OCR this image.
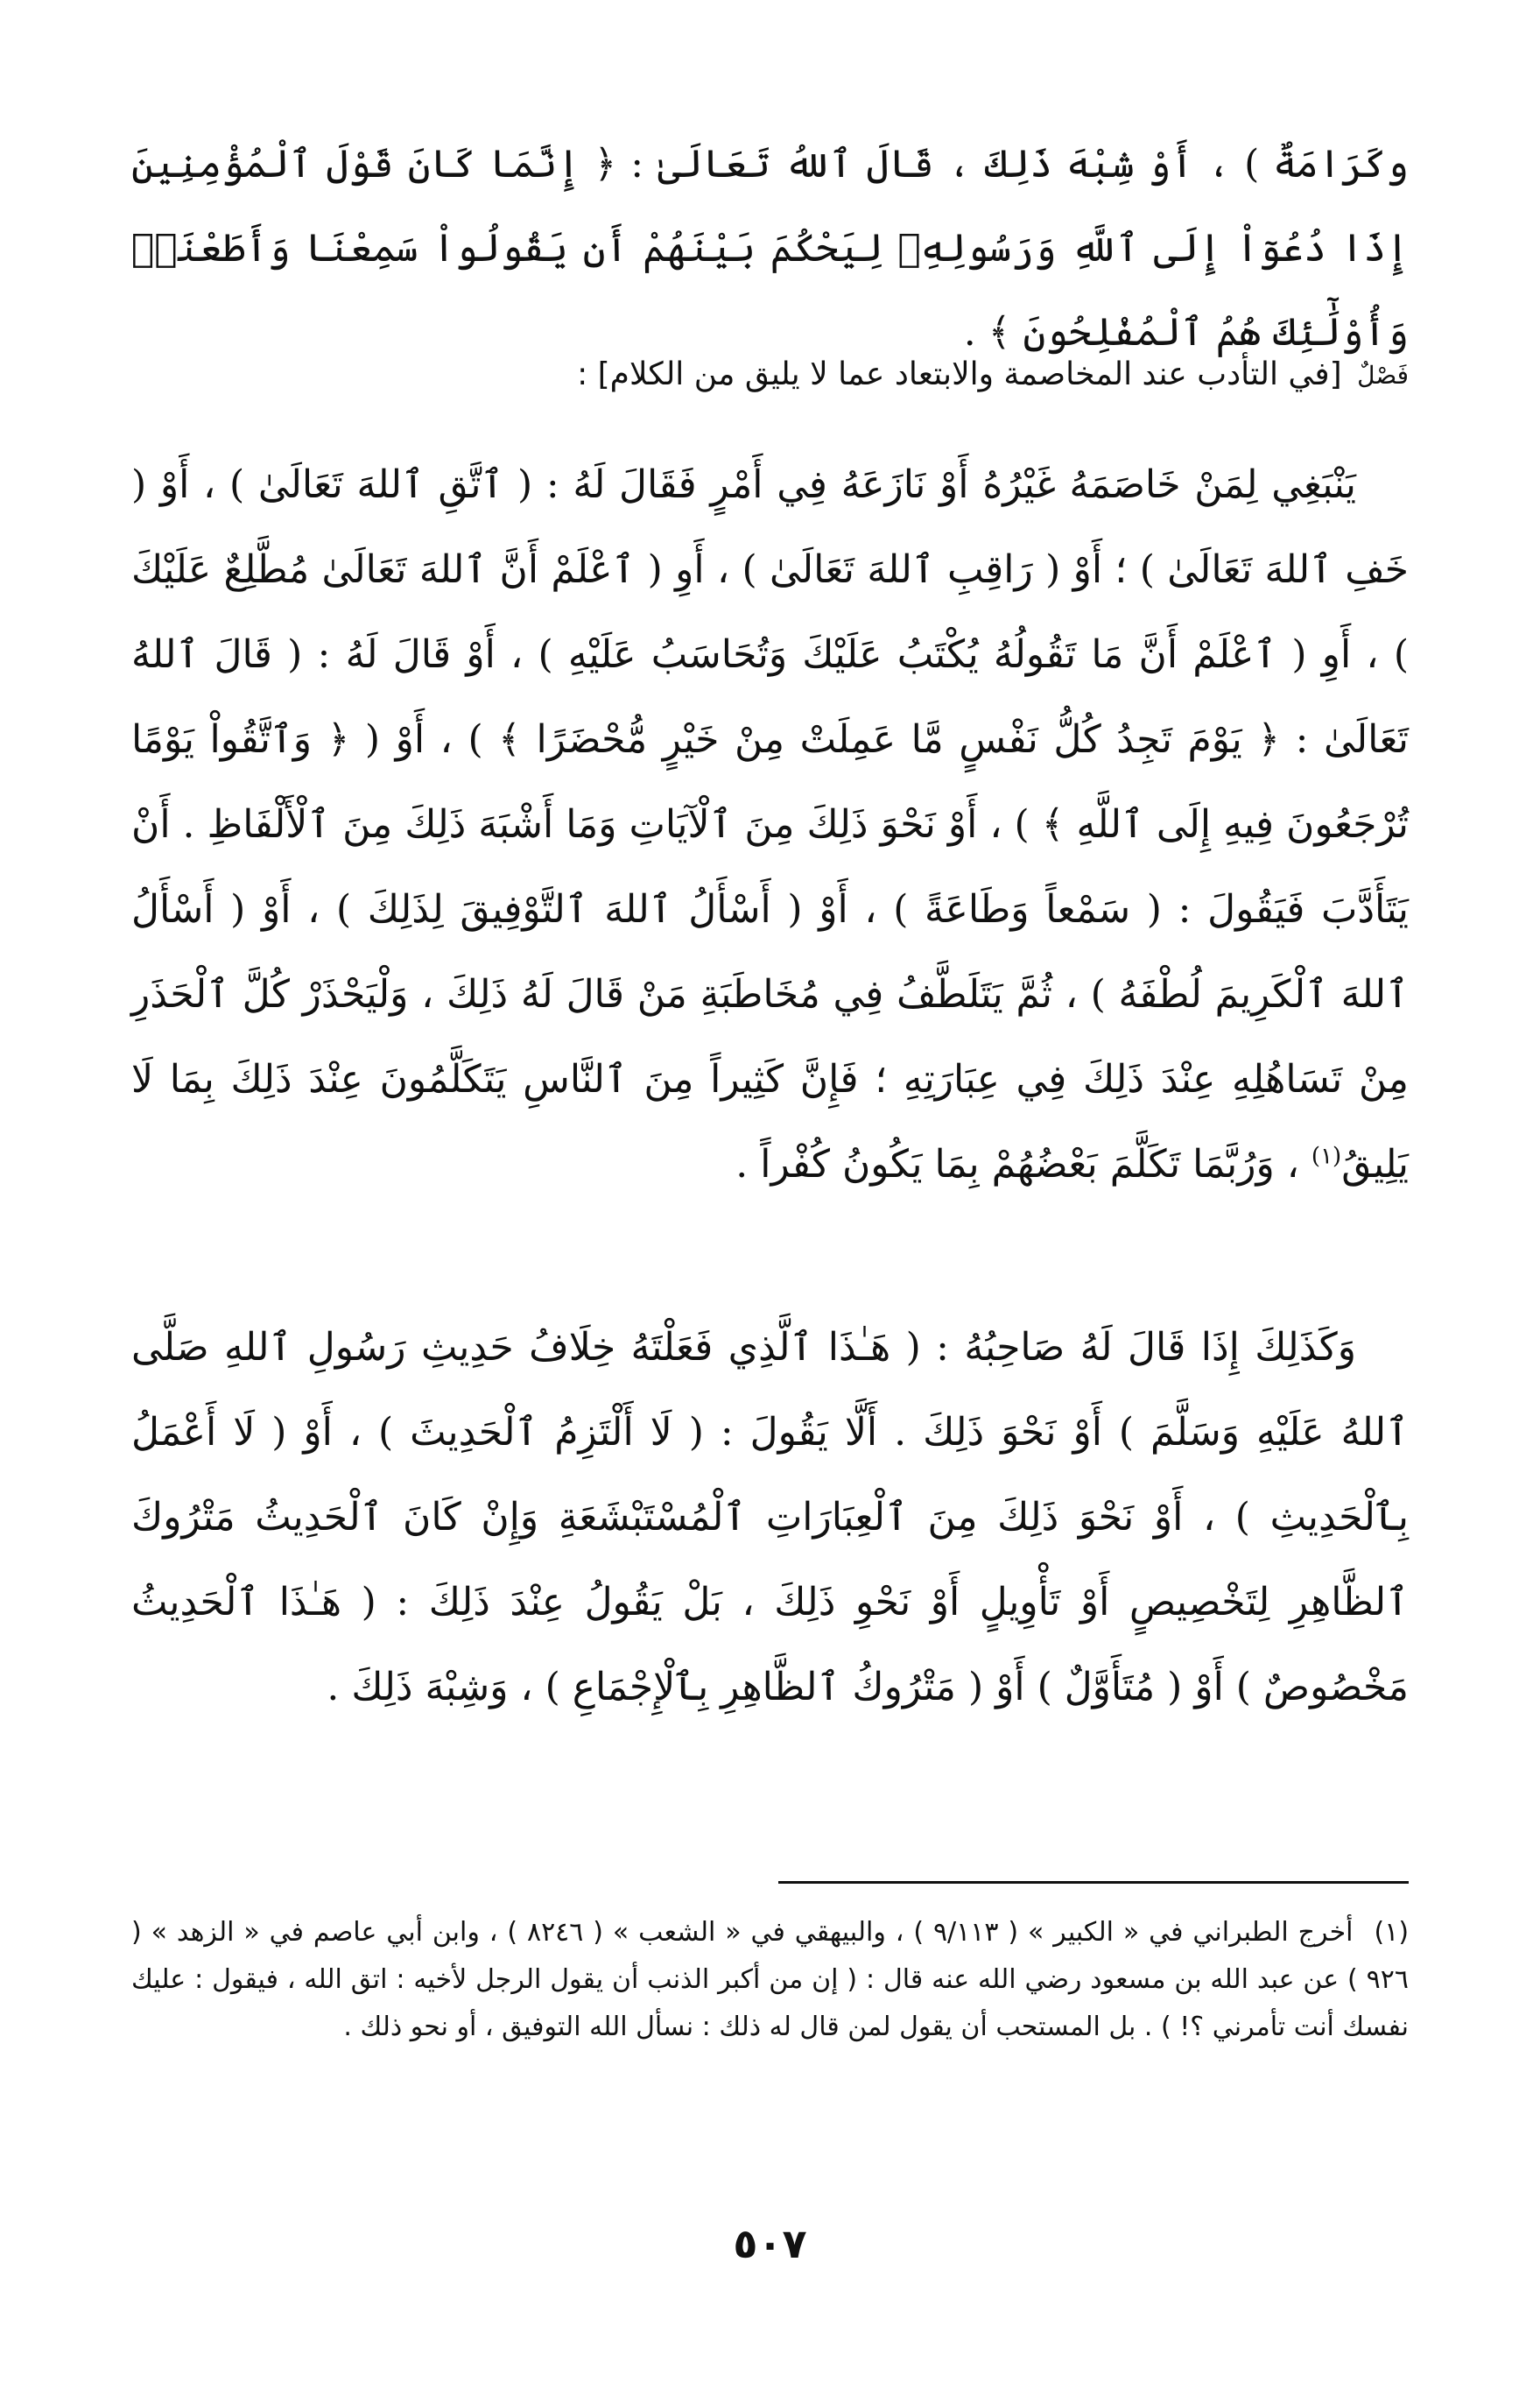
وكَرَامَةٌ ) ، أَوْ شِبْهَ ذَلِكَ ، قَالَ ٱللهُ تَعَالَىٰ : ﴿ إِنَّمَا كَانَ قَوْلَ ٱلْمُؤْمِنِينَ إِذَا دُعُوٓاْ إِلَى ٱللَّهِ وَرَسُولِهِۦ لِيَحْكُمَ بَيْنَهُمْ أَن يَقُولُواْ سَمِعْنَا وَأَطَعْنَاۚ وَأُوْلَٰٓئِكَ هُمُ ٱلْمُفْلِحُونَ ﴾ .
فَصْلٌ [في التأدب عند المخاصمة والابتعاد عما لا يليق من الكلام] :

يَنْبَغِي لِمَنْ خَاصَمَهُ غَيْرُهُ أَوْ نَازَعَهُ فِي أَمْرٍ فَقَالَ لَهُ : ( ٱتَّقِ ٱللهَ تَعَالَىٰ ) ، أَوْ ( خَفِ ٱللهَ تَعَالَىٰ ) ؛ أَوْ ( رَاقِبِ ٱللهَ تَعَالَىٰ ) ، أَوِ ( ٱعْلَمْ أَنَّ ٱللهَ تَعَالَىٰ مُطَّلِعٌ عَلَيْكَ ) ، أَوِ ( ٱعْلَمْ أَنَّ مَا تَقُولُهُ يُكْتَبُ عَلَيْكَ وَتُحَاسَبُ عَلَيْهِ ) ، أَوْ قَالَ لَهُ : ( قَالَ ٱللهُ تَعَالَىٰ : ﴿ يَوْمَ تَجِدُ كُلُّ نَفْسٍ مَّا عَمِلَتْ مِنْ خَيْرٍ مُّحْضَرًا ﴾ ) ، أَوْ ( ﴿ وَٱتَّقُواْ يَوْمًا تُرْجَعُونَ فِيهِ إِلَى ٱللَّهِ ﴾ ) ، أَوْ نَحْوَ ذَلِكَ مِنَ ٱلْآيَاتِ وَمَا أَشْبَهَ ذَلِكَ مِنَ ٱلْأَلْفَاظِ . أَنْ يَتَأَدَّبَ فَيَقُولَ : ( سَمْعاً وَطَاعَةً ) ، أَوْ ( أَسْأَلُ ٱللهَ ٱلتَّوْفِيقَ لِذَلِكَ ) ، أَوْ ( أَسْأَلُ ٱللهَ ٱلْكَرِيمَ لُطْفَهُ ) ، ثُمَّ يَتَلَطَّفُ فِي مُخَاطَبَةِ مَنْ قَالَ لَهُ ذَلِكَ ، وَلْيَحْذَرْ كُلَّ ٱلْحَذَرِ مِنْ تَسَاهُلِهِ عِنْدَ ذَلِكَ فِي عِبَارَتِهِ ؛ فَإِنَّ كَثِيراً مِنَ ٱلنَّاسِ يَتَكَلَّمُونَ عِنْدَ ذَلِكَ بِمَا لَا يَلِيقُ$^{(١)}$ ، وَرُبَّمَا تَكَلَّمَ بَعْضُهُمْ بِمَا يَكُونُ كُفْراً .

وَكَذَلِكَ إِذَا قَالَ لَهُ صَاحِبُهُ : ( هَـٰذَا ٱلَّذِي فَعَلْتَهُ خِلَافُ حَدِيثِ رَسُولِ ٱللهِ صَلَّى ٱللهُ عَلَيْهِ وَسَلَّمَ ) أَوْ نَحْوَ ذَلِكَ . أَلَّا يَقُولَ : ( لَا أَلْتَزِمُ ٱلْحَدِيثَ ) ، أَوْ ( لَا أَعْمَلُ بِٱلْحَدِيثِ ) ، أَوْ نَحْوَ ذَلِكَ مِنَ ٱلْعِبَارَاتِ ٱلْمُسْتَبْشَعَةِ وَإِنْ كَانَ ٱلْحَدِيثُ مَتْرُوكَ ٱلظَّاهِرِ لِتَخْصِيصٍ أَوْ تَأْوِيلٍ أَوْ نَحْوِ ذَلِكَ ، بَلْ يَقُولُ عِنْدَ ذَلِكَ : ( هَـٰذَا ٱلْحَدِيثُ مَخْصُوصٌ ) أَوْ ( مُتَأَوَّلٌ ) أَوْ ( مَتْرُوكُ ٱلظَّاهِرِ بِٱلْإِجْمَاعِ ) ، وَشِبْهَ ذَلِكَ .

(١)أخرج الطبراني في « الكبير » ( ٩/١١٣ ) ، والبيهقي في « الشعب » ( ٨٢٤٦ ) ، وابن أبي عاصم في « الزهد » ( ٩٢٦ ) عن عبد الله بن مسعود رضي الله عنه قال : ( إن من أكبر الذنب أن يقول الرجل لأخيه : اتق الله ، فيقول : عليك نفسك أنت تأمرني ؟! ) . بل المستحب أن يقول لمن قال له ذلك : نسأل الله التوفيق ، أو نحو ذلك .
٥٠٧
